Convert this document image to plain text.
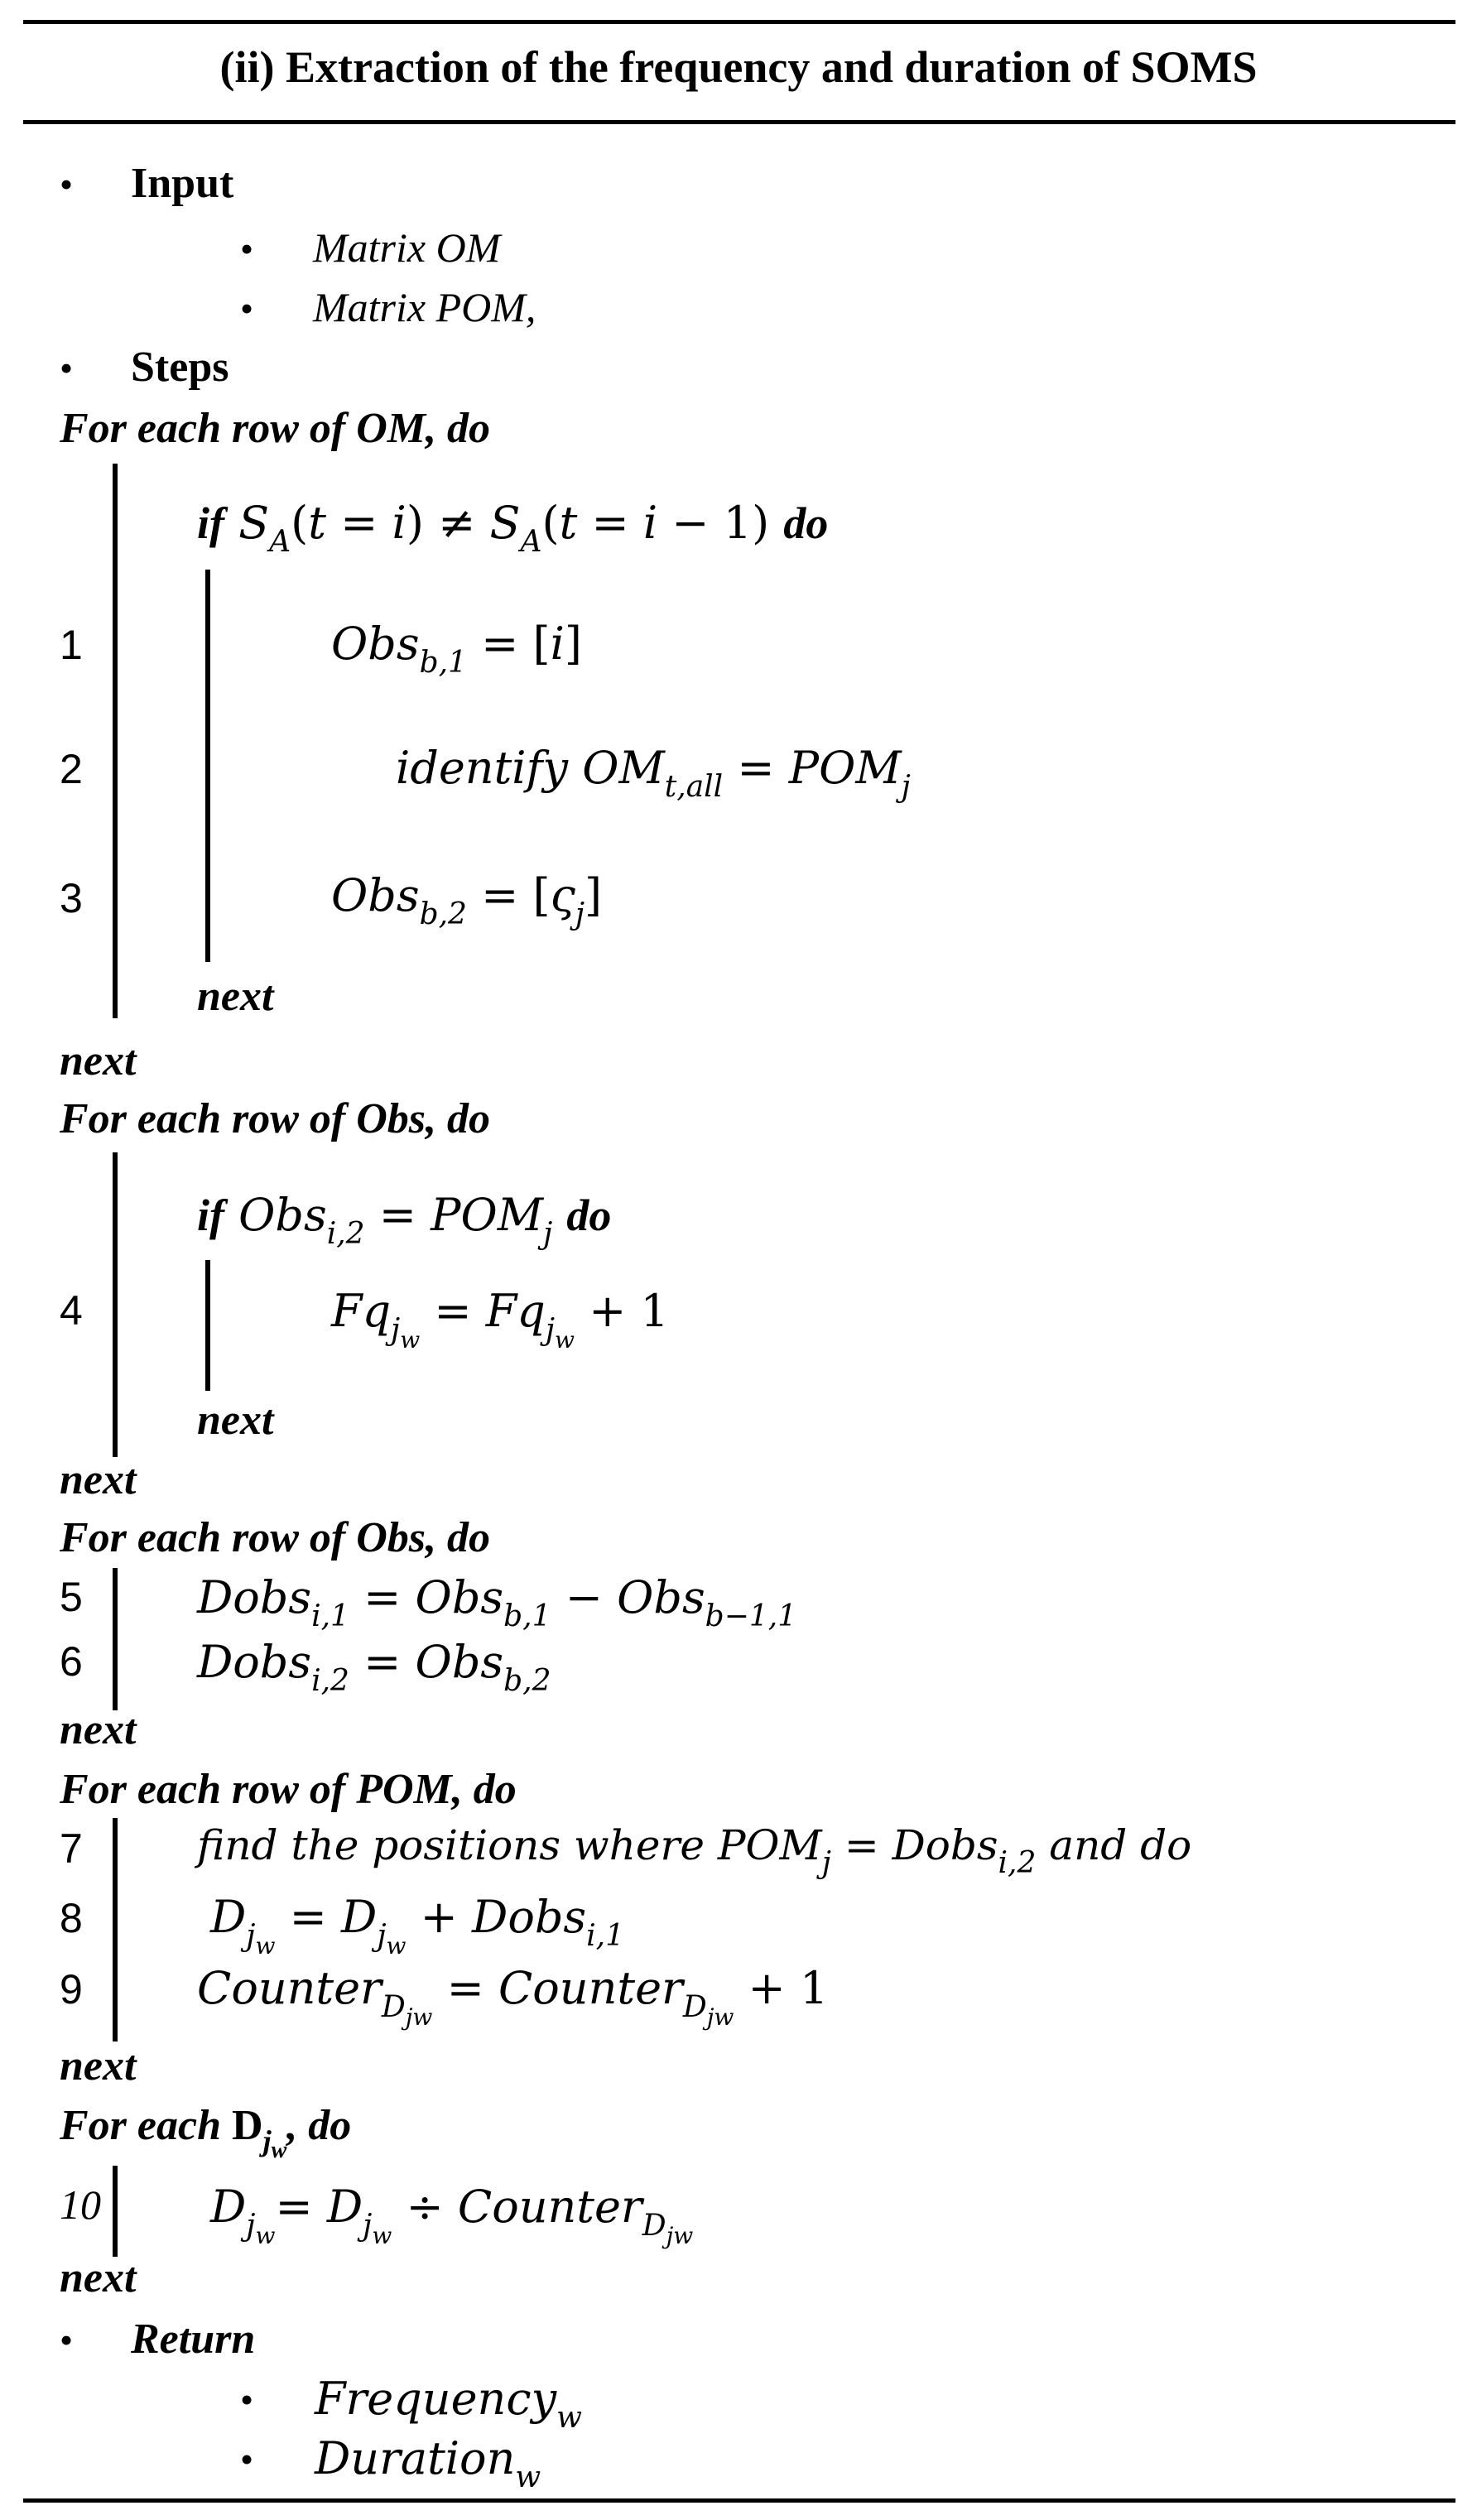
(ii) Extraction of the frequency and duration of SOMS
• Input
• Matrix OM
• Matrix POM,
• Steps
For each row of OM, do
if $S_A(t = i) \ne S_A(t = i - 1)$ do
1	Obs$_{b,1}$ = [i]
2	identify $OM_{t,all} = POM_j$
3	$Obs_{b,2} = [\varsigma_j]$
next
next
For each row of Obs, do
if $Obs_{i,2} = POM_j$ do
4	$Fq_{j_w} = Fq_{j_w} + 1$
next
next
For each row of Obs, do
5	Dobs$_{i,1}$ = Obs$_{b,1}$ − Obs$_{b-1,1}$
6	Dobs$_{i,2}$ = Obs$_{b,2}$
next
For each row of POM, do
7	find the positions where $POM_j$ = Dobs$_{i,2}$ and do
8	$D_{j_w} = D_{j_w}$ + Dobs$_{i,1}$
9	Counter$_{D_{jw}}$ = Counter$_{D_{jw}}$ + 1
next
For each $D_{j_w}$, do
10 $D_{j_w}= D_{j_w}$ ÷ Counter$_{D_{jw}}$
next
• Return
• Frequency$_w$
• Duration$_w$
